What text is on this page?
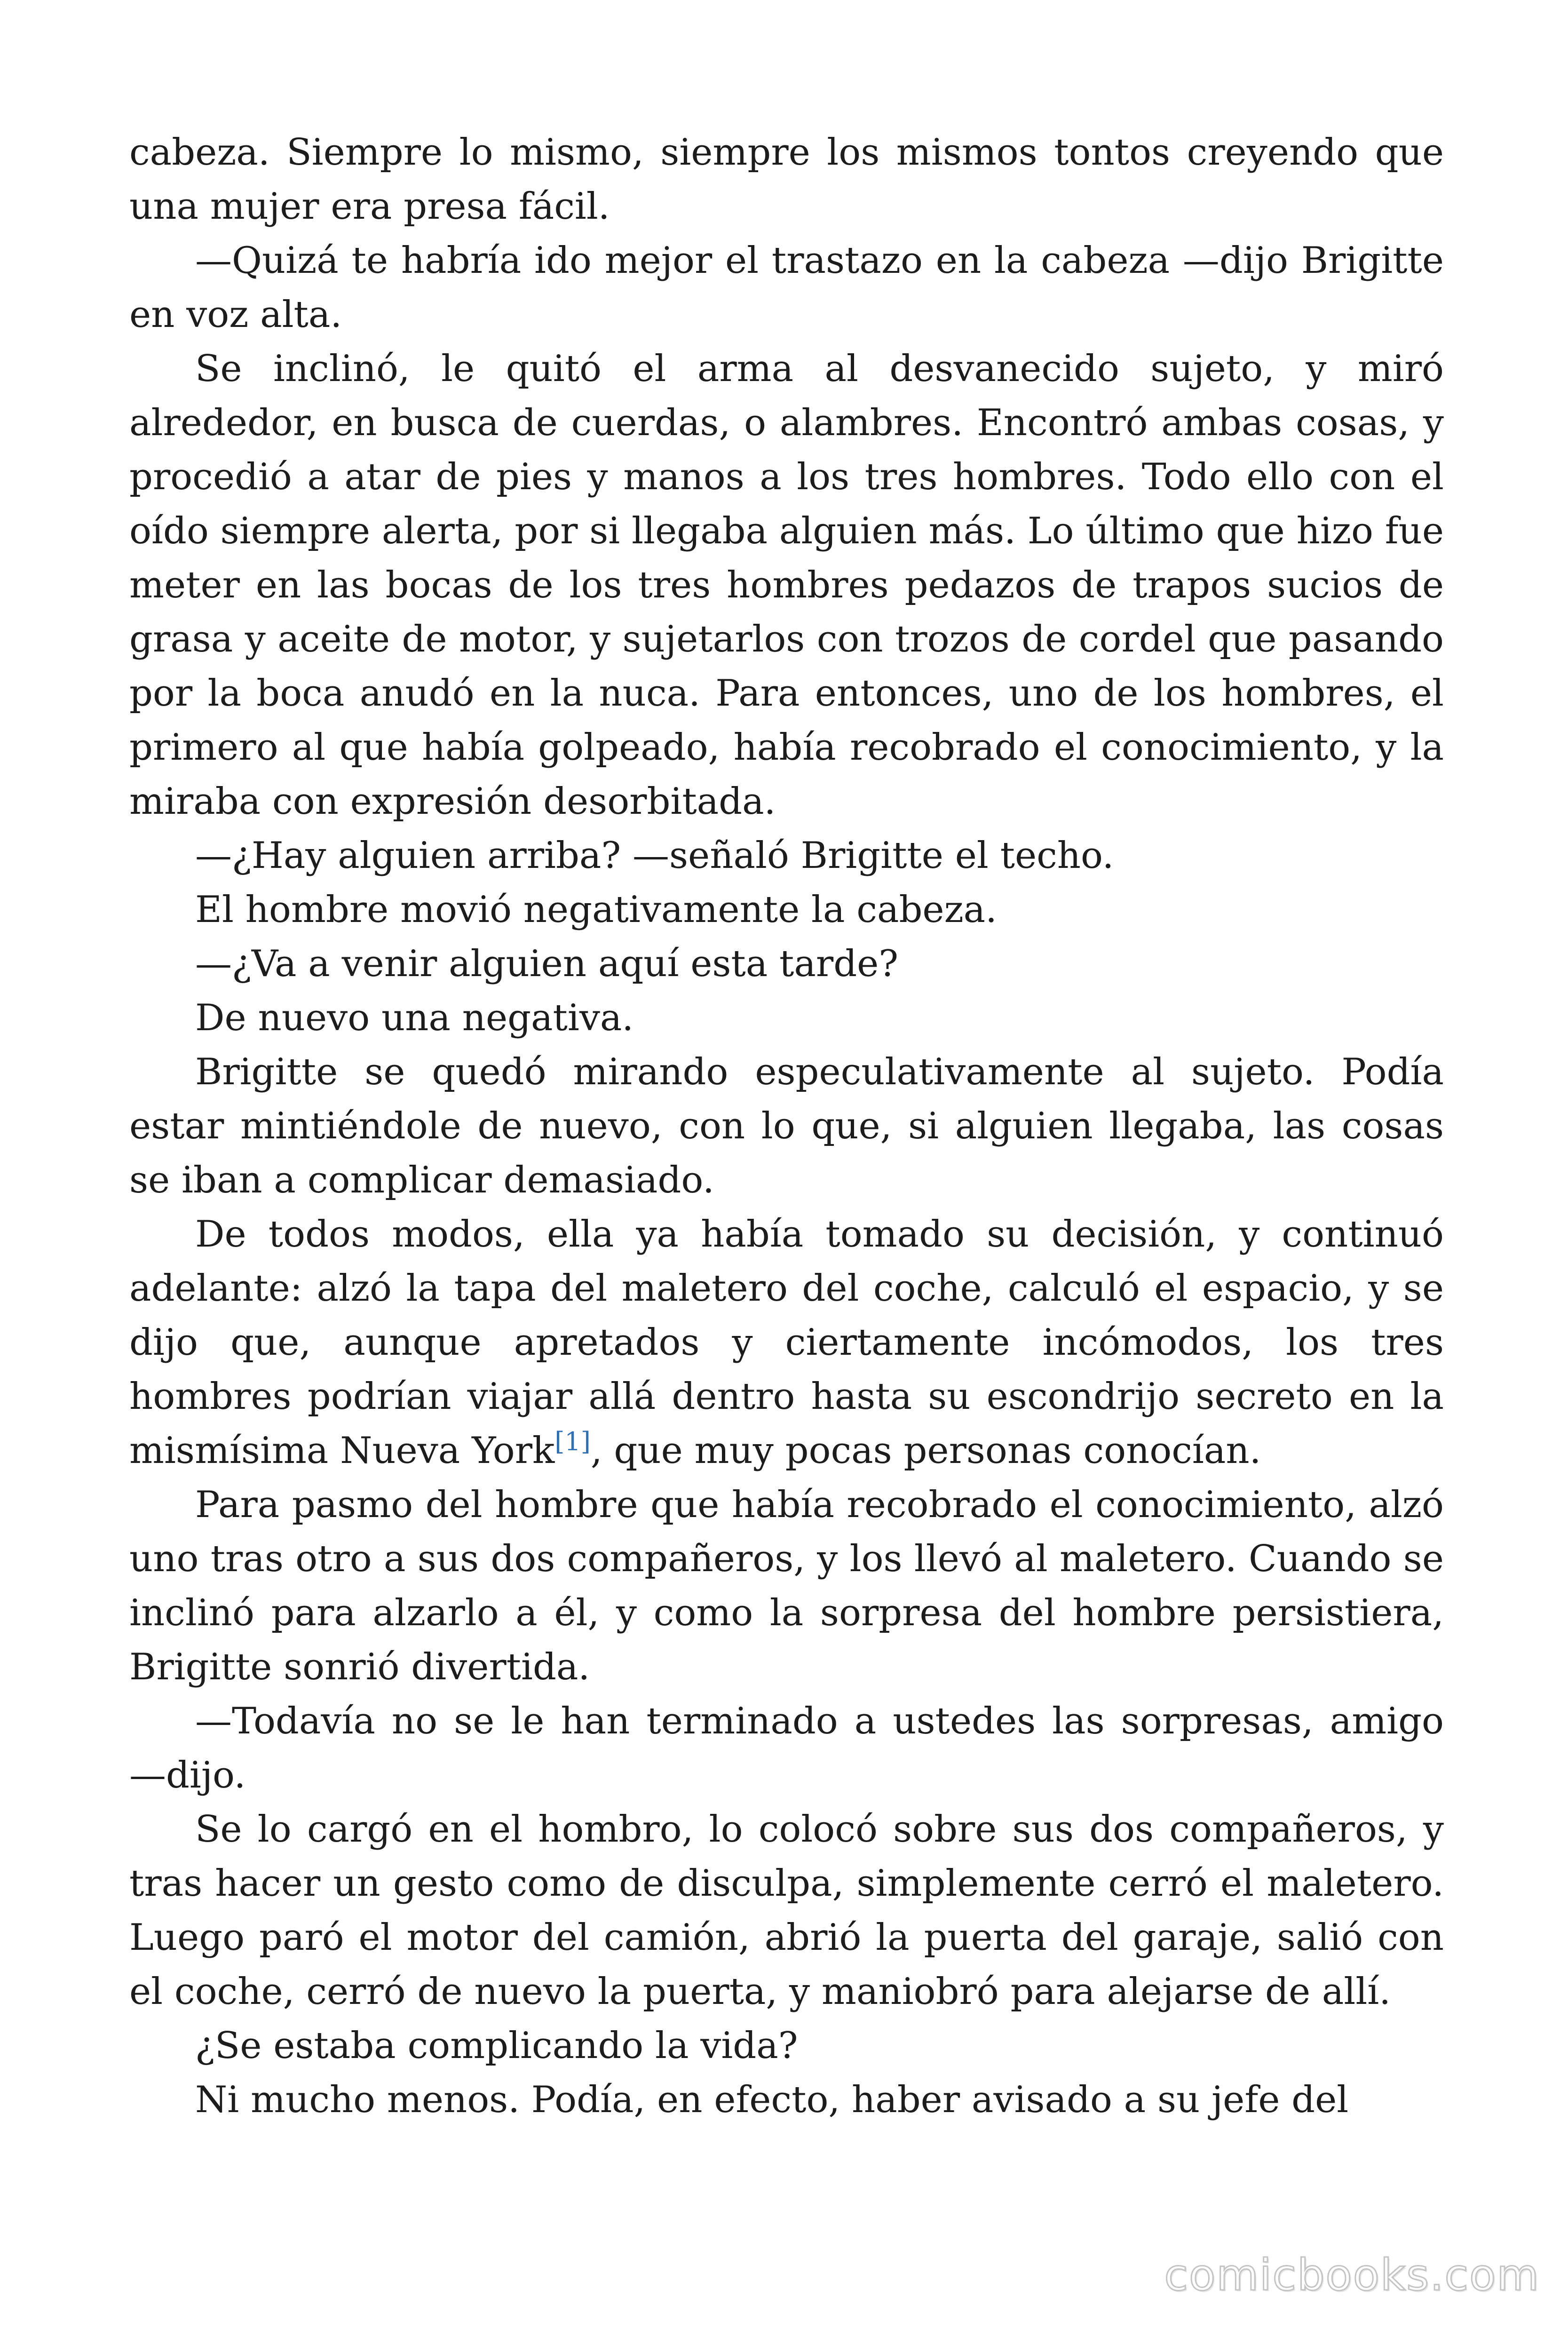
cabeza. Siempre lo mismo, siempre los mismos tontos creyendo que una mujer era presa fácil.

—Quizá te habría ido mejor el trastazo en la cabeza —dijo Brigitte en voz alta.

Se inclinó, le quitó el arma al desvanecido sujeto, y miró alrededor, en busca de cuerdas, o alambres. Encontró ambas cosas, y procedió a atar de pies y manos a los tres hombres. Todo ello con el oído siempre alerta, por si llegaba alguien más. Lo último que hizo fue meter en las bocas de los tres hombres pedazos de trapos sucios de grasa y aceite de motor, y sujetarlos con trozos de cordel que pasando por la boca anudó en la nuca. Para entonces, uno de los hombres, el primero al que había golpeado, había recobrado el conocimiento, y la miraba con expresión desorbitada.

—¿Hay alguien arriba? —señaló Brigitte el techo.

El hombre movió negativamente la cabeza.

—¿Va a venir alguien aquí esta tarde?

De nuevo una negativa.

Brigitte se quedó mirando especulativamente al sujeto. Podía estar mintiéndole de nuevo, con lo que, si alguien llegaba, las cosas se iban a complicar demasiado.

De todos modos, ella ya había tomado su decisión, y continuó adelante: alzó la tapa del maletero del coche, calculó el espacio, y se dijo que, aunque apretados y ciertamente incómodos, los tres hombres podrían viajar allá dentro hasta su escondrijo secreto en la mismísima Nueva York[1], que muy pocas personas conocían.

Para pasmo del hombre que había recobrado el conocimiento, alzó uno tras otro a sus dos compañeros, y los llevó al maletero. Cuando se inclinó para alzarlo a él, y como la sorpresa del hombre persistiera, Brigitte sonrió divertida.

—Todavía no se le han terminado a ustedes las sorpresas, amigo —dijo.

Se lo cargó en el hombro, lo colocó sobre sus dos compañeros, y tras hacer un gesto como de disculpa, simplemente cerró el maletero. Luego paró el motor del camión, abrió la puerta del garaje, salió con el coche, cerró de nuevo la puerta, y maniobró para alejarse de allí.

¿Se estaba complicando la vida?

Ni mucho menos. Podía, en efecto, haber avisado a su jefe del

comicbooks.com
